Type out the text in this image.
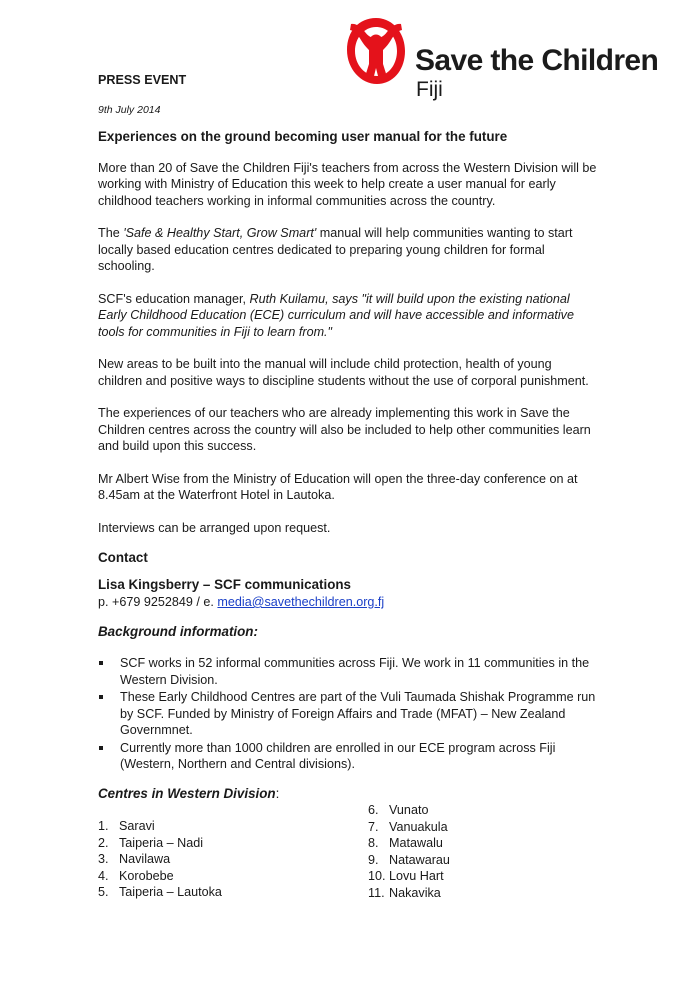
Save the Children
Fiji
PRESS EVENT
9th July 2014
Experiences on the ground becoming user manual for the future

More than 20 of Save the Children Fiji's teachers from across the Western Division will be working with Ministry of Education this week to help create a user manual for early childhood teachers working in informal communities across the country.

The 'Safe & Healthy Start, Grow Smart' manual will help communities wanting to start locally based education centres dedicated to preparing young children for formal schooling.

SCF's education manager, Ruth Kuilamu, says "it will build upon the existing national Early Childhood Education (ECE) curriculum and will have accessible and informative tools for communities in Fiji to learn from."

New areas to be built into the manual will include child protection, health of young children and positive ways to discipline students without the use of corporal punishment.

The experiences of our teachers who are already implementing this work in Save the Children centres across the country will also be included to help other communities learn and build upon this success.

Mr Albert Wise from the Ministry of Education will open the three-day conference on at 8.45am at the Waterfront Hotel in Lautoka.

Interviews can be arranged upon request.

Contact
Lisa Kingsberry – SCF communications
p. +679 9252849 / e. media@savethechildren.org.fj
Background information:
SCF works in 52 informal communities across Fiji. We work in 11 communities in the Western Division.
These Early Childhood Centres are part of the Vuli Taumada Shishak Programme run by SCF. Funded by Ministry of Foreign Affairs and Trade (MFAT) – New Zealand Governmnet.
Currently more than 1000 children are enrolled in our ECE program across Fiji (Western, Northern and Central divisions).
Centres in Western Division:
1. Saravi
2. Taiperia – Nadi
3. Navilawa
4. Korobebe
5. Taiperia – Lautoka
6. Vunato
7. Vanuakula
8. Matawalu
9. Natawarau
10. Lovu Hart
11. Nakavika
